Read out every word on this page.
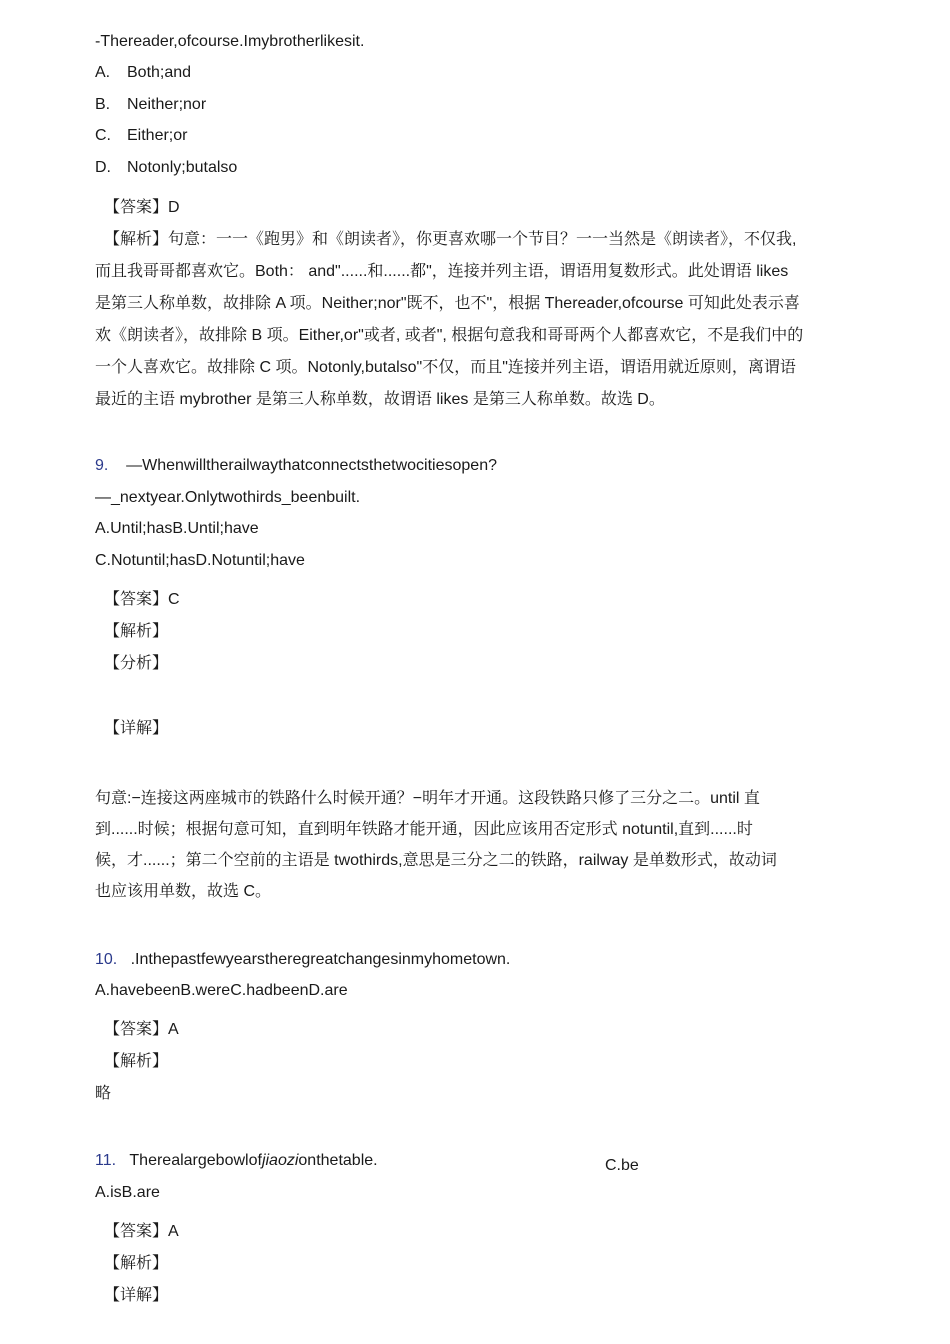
-Thereader,ofcourse.Imybrotherlikesit.
A. Both;and
B. Neither;nor
C. Either;or
D. Notonly;butalso
【答案】D
【解析】句意：一一《跑男》和《朗读者》，你更喜欢哪一个节目？一一当然是《朗读者》，不仅我,
而且我哥哥都喜欢它。Both： and"......和......都"，连接并列主语，谓语用复数形式。此处谓语 likes
是第三人称单数，故排除 A 项。Neither;nor"既不，也不"，根据 Thereader,ofcourse 可知此处表示喜
欢《朗读者》，故排除 B 项。Either,or"或者, 或者", 根据句意我和哥哥两个人都喜欢它，不是我们中的
一个人喜欢它。故排除 C 项。Notonly,butalso"不仅，而且"连接并列主语，谓语用就近原则，离谓语
最近的主语 mybrother 是第三人称单数，故谓语 likes 是第三人称单数。故选 D。
9. —Whenwilltherailwaythatconnectsthetwocitiesopen?
—_nextyear.Onlytwothirds_beenbuilt.
A.Until;hasB.Until;have
C.Notuntil;hasD.Notuntil;have
【答案】C
【解析】
【分析】
【详解】
句意:−连接这两座城市的铁路什么时候开通？−明年才开通。这段铁路只修了三分之二。until 直
到......时候；根据句意可知，直到明年铁路才能开通，因此应该用否定形式 notuntil,直到......时
候，才......；第二个空前的主语是 twothirds,意思是三分之二的铁路，railway 是单数形式，故动词
也应该用单数，故选 C。
10. .Inthepastfewyearstheregreatchangesinmyhometown.
A.havebeenB.wereC.hadbeenD.are
【答案】A
【解析】
略
11. Therealargebowlofjiaozionthetable.	C.be
A.isB.are
【答案】A
【解析】
【详解】
